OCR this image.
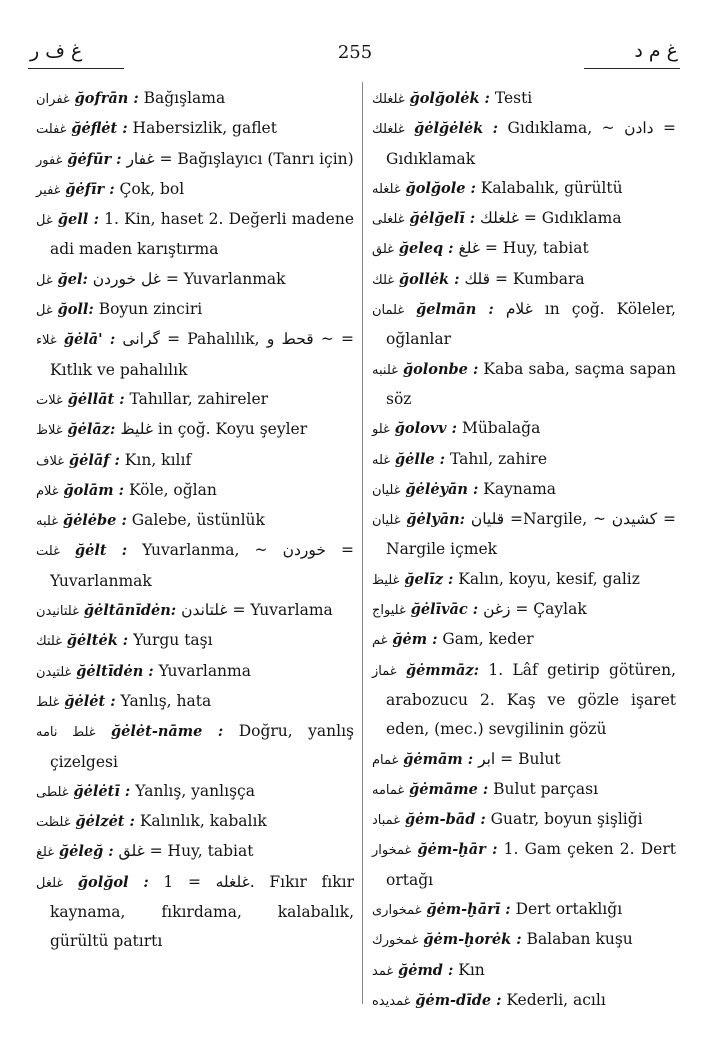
غ ف ر	255	غ م د
غفران ğofrān : Bağışlama
غفلت ğėflėt : Habersizlik, gaflet
غفور ğėfūr : غفار = Bağışlayıcı (Tanrı için)
غفير ğėfīr : Çok, bol
غل ğell : 1. Kin, haset 2. Değerli madene adi maden karıştırma
غل ğel: غل خوردن = Yuvarlanmak
غل ğoll: Boyun zinciri
غلاء ğėlā' : گرانی = Pahalılık, قحط و ~ = Kıtlık ve pahalılık
غلات ğėllāt : Tahıllar, zahireler
غلاظ ğėlāz: غليظ in çoğ. Koyu şeyler
غلاف ğėlāf : Kın, kılıf
غلام ğolām : Köle, oğlan
غلبه ğėlėbe : Galebe, üstünlük
غلت ğėlt : Yuvarlanma, ~ خوردن = Yuvarlanmak
غلتانيدن ğėltānīdėn: غلتاندن = Yuvarlama
غلتك ğėltėk : Yurgu taşı
غلتيدن ğėltīdėn : Yuvarlanma
غلط ğėlėt : Yanlış, hata
غلط نامه ğėlėt-nāme : Doğru, yanlış çizelgesi
غلطى ğėlėtī : Yanlış, yanlışça
غلظت ğėlzėt : Kalınlık, kabalık
غلغ ğėleğ : غلق = Huy, tabiat
غلغل ğolğol : غلغله = 1. Fıkır fıkır kaynama, fıkırdama, kalabalık, gürültü patırtı
غلغلك ğolğolėk : Testi
غلغلك ğėlğėlėk : Gıdıklama, ~ دادن = Gıdıklamak
غلغله ğolğole : Kalabalık, gürültü
غلغلى ğėlğelī : غلغلك = Gıdıklama
غلق ğeleq : غلغ = Huy, tabiat
غلك ğollėk : قلك = Kumbara
غلمان ğelmān : غلام ın çoğ. Köleler, oğlanlar
غلنبه ğolonbe : Kaba saba, saçma sapan söz
غلو ğolovv : Mübalağa
غله ğėlle : Tahıl, zahire
غليان ğėlėyān : Kaynama
غليان ğėlyān: قليان =Nargile, ~ كشيدن = Nargile içmek
غليظ ğelīz : Kalın, koyu, kesif, galiz
غليواج ğėlīvāc : زغن = Çaylak
غم ğėm : Gam, keder
غماز ğėmmāz: 1. Lâf getirip götüren, arabozucu 2. Kaş ve gözle işaret eden, (mec.) sevgilinin gözü
غمام ğėmām : ابر = Bulut
غمامه ğėmāme : Bulut parçası
غمباد ğėm-bād : Guatr, boyun şişliği
غمخوار ğėm-ḫār : 1. Gam çeken 2. Dert ortağı
غمخوارى ğėm-ḫārī : Dert ortaklığı
غمخورك ğėm-ḫorėk : Balaban kuşu
غمد ğėmd : Kın
غمديده ğėm-dīde : Kederli, acılı
